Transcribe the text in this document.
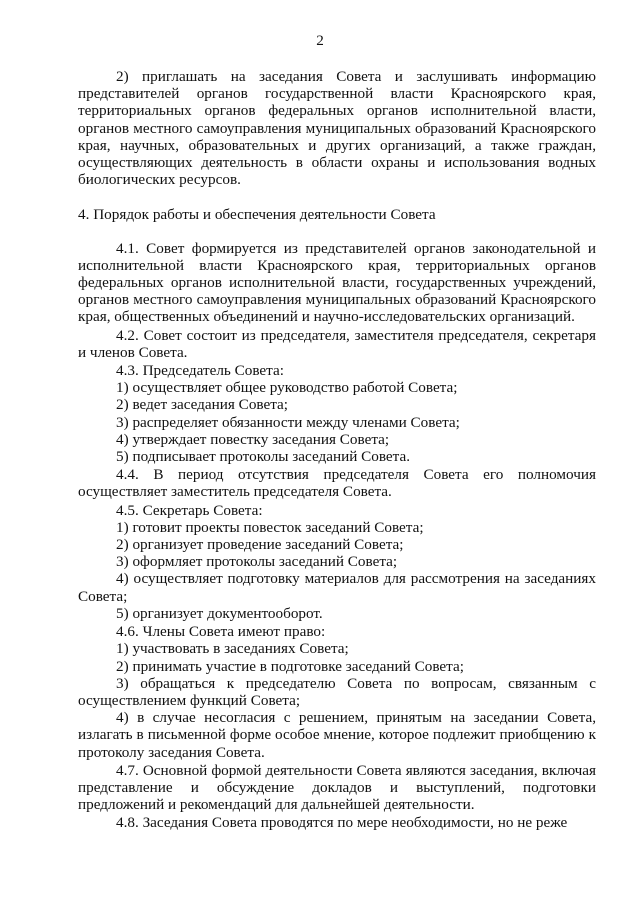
2

2) приглашать на заседания Совета и заслушивать информацию представителей органов государственной власти Красноярского края, территориальных органов федеральных органов исполнительной власти, органов местного самоуправления муниципальных образований Красноярского края, научных, образовательных и других организаций, а также граждан, осуществляющих деятельность в области охраны и использования водных биологических ресурсов.

4. Порядок работы и обеспечения деятельности Совета

4.1. Совет формируется из представителей органов законодательной и исполнительной власти Красноярского края, территориальных органов федеральных органов исполнительной власти, государственных учреждений, органов местного самоуправления муниципальных образований Красноярского края, общественных объединений и научно-исследовательских организаций.

4.2. Совет состоит из председателя, заместителя председателя, секретаря и членов Совета.

4.3. Председатель Совета:

1) осуществляет общее руководство работой Совета;

2) ведет заседания Совета;

3) распределяет обязанности между членами Совета;

4) утверждает повестку заседания Совета;

5) подписывает протоколы заседаний Совета.

4.4. В период отсутствия председателя Совета его полномочия осуществляет заместитель председателя Совета.

4.5. Секретарь Совета:

1) готовит проекты повесток заседаний Совета;

2) организует проведение заседаний Совета;

3) оформляет протоколы заседаний Совета;

4) осуществляет подготовку материалов для рассмотрения на заседаниях Совета;

5) организует документооборот.

4.6. Члены Совета имеют право:

1) участвовать в заседаниях Совета;

2) принимать участие в подготовке заседаний Совета;

3) обращаться к председателю Совета по вопросам, связанным с осуществлением функций Совета;

4) в случае несогласия с решением, принятым на заседании Совета, излагать в письменной форме особое мнение, которое подлежит приобщению к протоколу заседания Совета.

4.7. Основной формой деятельности Совета являются заседания, включая представление и обсуждение докладов и выступлений, подготовки предложений и рекомендаций для дальнейшей деятельности.

4.8. Заседания Совета проводятся по мере необходимости, но не реже
